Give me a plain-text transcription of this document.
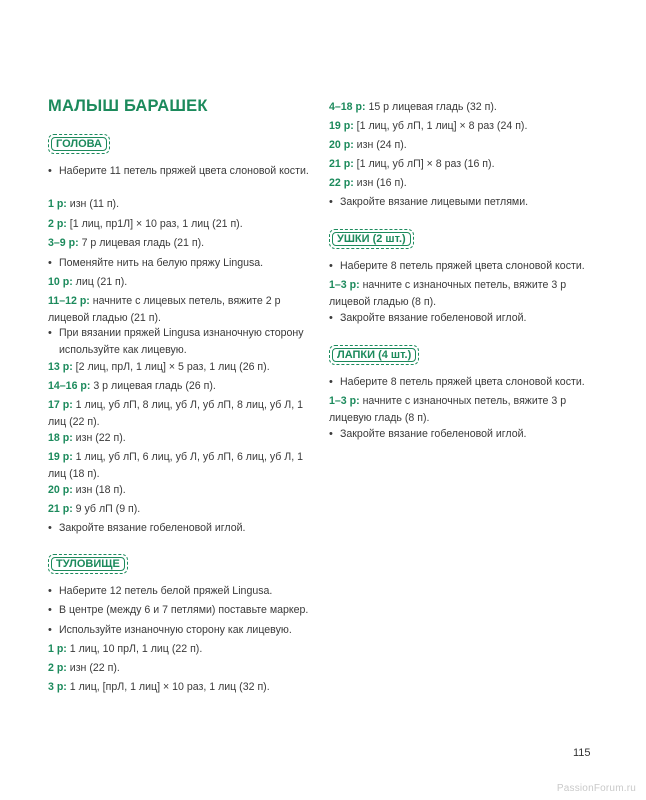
МАЛЫШ БАРАШЕК
ГОЛОВА
• Наберите 11 петель пряжей цвета слоновой кости.
1 р: изн (11 п).
2 р: [1 лиц, пр1Л] × 10 раз, 1 лиц (21 п).
3–9 р: 7 р лицевая гладь (21 п).
• Поменяйте нить на белую пряжу Lingusa.
10 р: лиц (21 п).
11–12 р: начните с лицевых петель, вяжите 2 р лицевой гладью (21 п).
• При вязании пряжей Lingusa изнаночную сторону используйте как лицевую.
13 р: [2 лиц, прЛ, 1 лиц] × 5 раз, 1 лиц (26 п).
14–16 р: 3 р лицевая гладь (26 п).
17 р: 1 лиц, уб лП, 8 лиц, уб Л, уб лП, 8 лиц, уб Л, 1 лиц (22 п).
18 р: изн (22 п).
19 р: 1 лиц, уб лП, 6 лиц, уб Л, уб лП, 6 лиц, уб Л, 1 лиц (18 п).
20 р: изн (18 п).
21 р: 9 уб лП (9 п).
• Закройте вязание гобеленовой иглой.
ТУЛОВИЩЕ
• Наберите 12 петель белой пряжей Lingusa.
• В центре (между 6 и 7 петлями) поставьте маркер.
• Используйте изнаночную сторону как лицевую.
1 р: 1 лиц, 10 прЛ, 1 лиц (22 п).
2 р: изн (22 п).
3 р: 1 лиц, [прЛ, 1 лиц] × 10 раз, 1 лиц (32 п).
4–18 р: 15 р лицевая гладь (32 п).
19 р: [1 лиц, уб лП, 1 лиц] × 8 раз (24 п).
20 р: изн (24 п).
21 р: [1 лиц, уб лП] × 8 раз (16 п).
22 р: изн (16 п).
• Закройте вязание лицевыми петлями.
УШКИ (2 шт.)
• Наберите 8 петель пряжей цвета слоновой кости.
1–3 р: начните с изнаночных петель, вяжите 3 р лицевой гладью (8 п).
• Закройте вязание гобеленовой иглой.
ЛАПКИ (4 шт.)
• Наберите 8 петель пряжей цвета слоновой кости.
1–3 р: начните с изнаночных петель, вяжите 3 р лицевую гладь (8 п).
• Закройте вязание гобеленовой иглой.
115
PassionForum.ru
